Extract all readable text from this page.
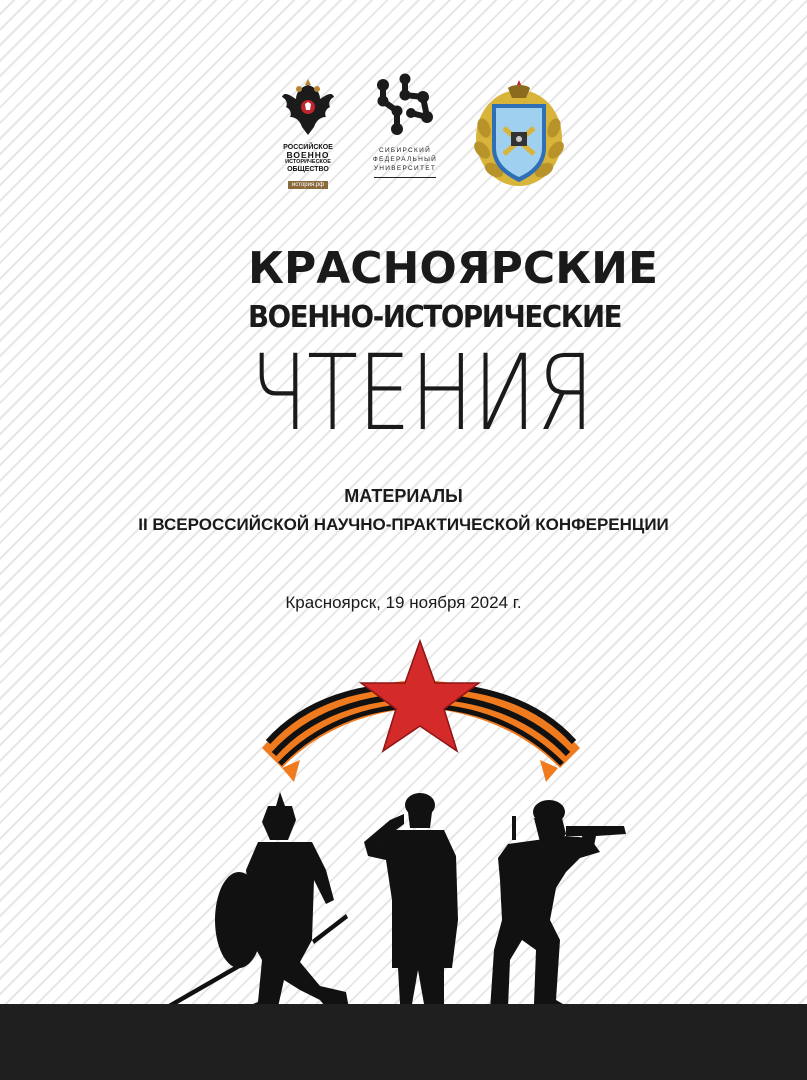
РОССИЙСКОЕ
ВОЕННО
ИСТОРИЧЕСКОЕ
ОБЩЕСТВО
история.рф
СИБИРСКИЙ
ФЕДЕРАЛЬНЫЙ
УНИВЕРСИТЕТ
КРАСНОЯРСКИЕ
ВОЕННО-ИСТОРИЧЕСКИЕ
ЧТЕНИЯ
МАТЕРИАЛЫ
II ВСЕРОССИЙСКОЙ НАУЧНО-ПРАКТИЧЕСКОЙ КОНФЕРЕНЦИИ
Красноярск, 19 ноября 2024 г.
